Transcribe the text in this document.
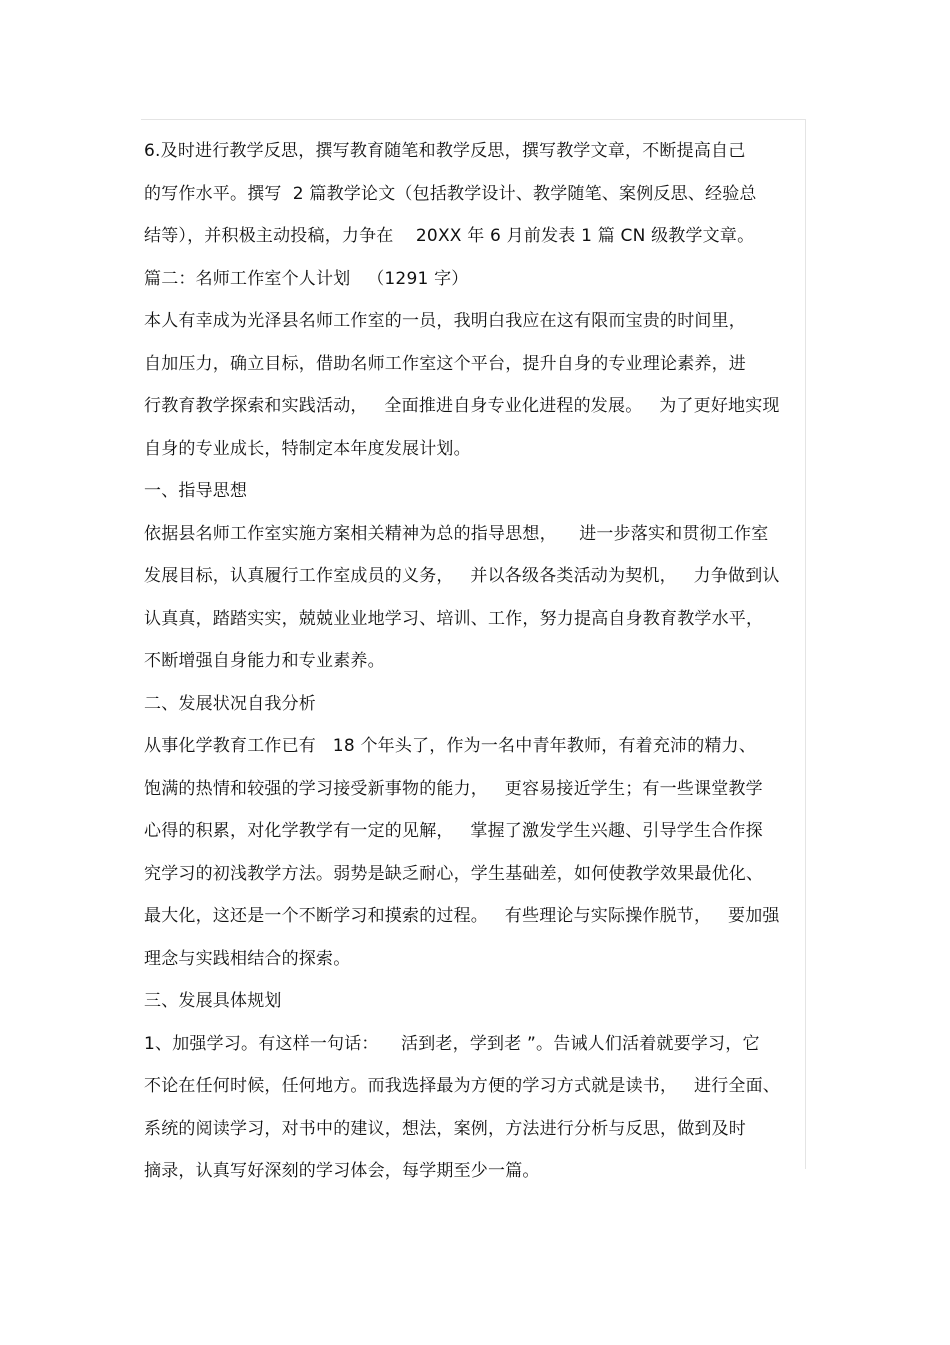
6.及时进行教学反思，撰写教育随笔和教学反思，撰写教学文章，不断提高自己
的写作水平。撰写  2 篇教学论文（包括教学设计、教学随笔、案例反思、经验总
结等），并积极主动投稿，力争在    20XX 年 6 月前发表 1 篇 CN 级教学文章。
篇二：名师工作室个人计划   （1291 字）
本人有幸成为光泽县名师工作室的一员，我明白我应在这有限而宝贵的时间里，
自加压力，确立目标，借助名师工作室这个平台，提升自身的专业理论素养，进
行教育教学探索和实践活动，   全面推进自身专业化进程的发展。   为了更好地实现
自身的专业成长，特制定本年度发展计划。
一、指导思想
依据县名师工作室实施方案相关精神为总的指导思想，    进一步落实和贯彻工作室
发展目标，认真履行工作室成员的义务，   并以各级各类活动为契机，   力争做到认
认真真，踏踏实实，兢兢业业地学习、培训、工作，努力提高自身教育教学水平，
不断增强自身能力和专业素养。
二、发展状况自我分析
从事化学教育工作已有   18 个年头了，作为一名中青年教师，有着充沛的精力、
饱满的热情和较强的学习接受新事物的能力，   更容易接近学生；有一些课堂教学
心得的积累，对化学教学有一定的见解，   掌握了激发学生兴趣、引导学生合作探
究学习的初浅教学方法。弱势是缺乏耐心，学生基础差，如何使教学效果最优化、
最大化，这还是一个不断学习和摸索的过程。   有些理论与实际操作脱节，   要加强
理念与实践相结合的探索。
三、发展具体规划
1、加强学习。有这样一句话：    活到老，学到老 ”。告诫人们活着就要学习，它
不论在任何时候，任何地方。而我选择最为方便的学习方式就是读书，   进行全面、
系统的阅读学习，对书中的建议，想法，案例，方法进行分析与反思，做到及时
摘录，认真写好深刻的学习体会，每学期至少一篇。
